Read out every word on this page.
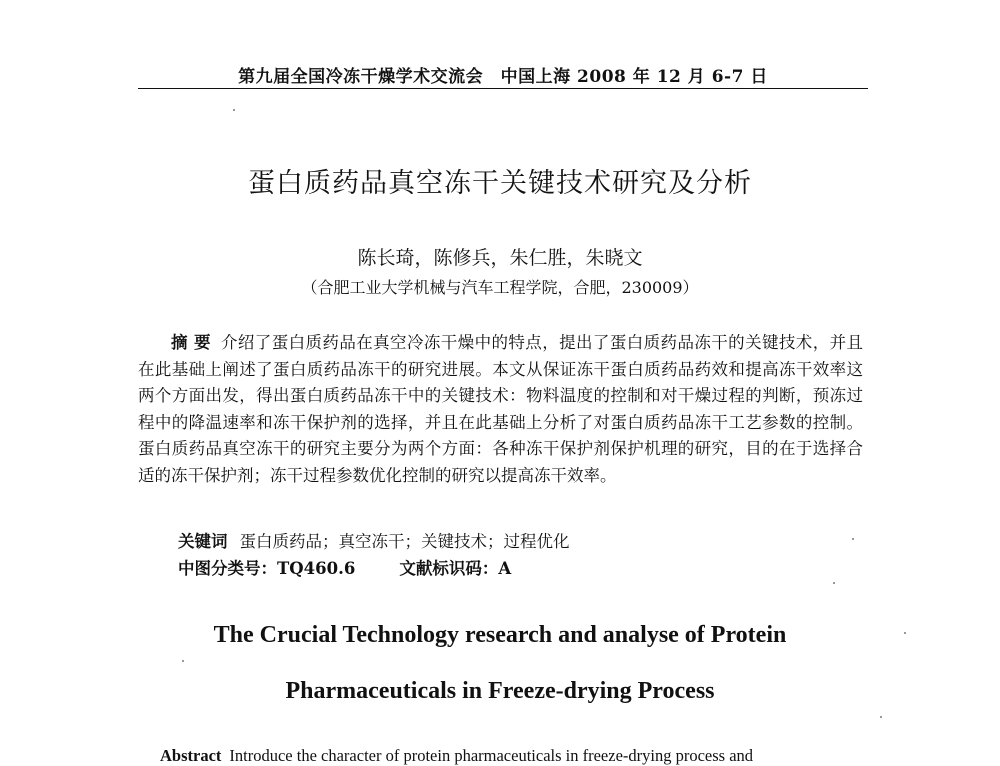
第九届全国冷冻干燥学术交流会　中国上海 2008 年 12 月 6-7 日
蛋白质药品真空冻干关键技术研究及分析
陈长琦，陈修兵，朱仁胜，朱晓文
（合肥工业大学机械与汽车工程学院，合肥，230009）
摘 要 介绍了蛋白质药品在真空冷冻干燥中的特点，提出了蛋白质药品冻干的关键技术，并且在此基础上阐述了蛋白质药品冻干的研究进展。本文从保证冻干蛋白质药品药效和提高冻干效率这两个方面出发，得出蛋白质药品冻干中的关键技术：物料温度的控制和对干燥过程的判断，预冻过程中的降温速率和冻干保护剂的选择，并且在此基础上分析了对蛋白质药品冻干工艺参数的控制。蛋白质药品真空冻干的研究主要分为两个方面：各种冻干保护剂保护机理的研究，目的在于选择合适的冻干保护剂；冻干过程参数优化控制的研究以提高冻干效率。
关键词 蛋白质药品；真空冻干；关键技术；过程优化
中图分类号：TQ460.6	文献标识码：A
The Crucial Technology research and analyse of Protein
Pharmaceuticals in Freeze-drying Process
Abstract Introduce the character of protein pharmaceuticals in freeze-drying process and
